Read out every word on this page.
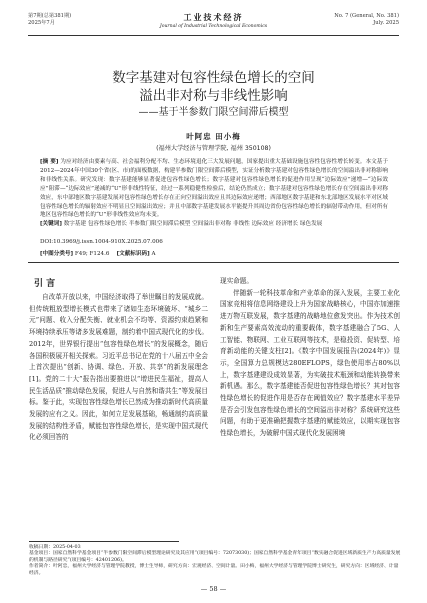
第7期(总第381期)
2025年7月
工业技术经济
Journal of Industrial Technological Economics
No. 7 (General, No. 381)
July. 2025
数字基建对包容性绿色增长的空间
溢出非对称与非线性影响
——基于半参数门限空间滞后模型
叶阿忠 田小梅
(福州大学经济与管理学院, 福州 350108)
[摘 要] 为应对经济由要素与高、社会福利分配不均、生态环境退化三大发展问题，国家提出重大基础设施包容性包容性增长转变。本文基于2012—2024年中国30个省(区、市)的面板数据，构建半参数门限空间滞后模型，实证分析数字基建对包容性绿色增长的空间溢出非对称影响和非线性关系。研究发现：数字基建能够显著促进包容性绿色增长；数字基建对包容性绿色增长的促进作用呈现“边际效应”递增—“边际效应”阻滞—“边际效应”递减的“U”形非线性特征，经过一系列稳健性检验后，结论仍然成立；数字基建对包容性绿色增长存在空间溢出非对称效应，东中部地区数字基建发展对包容性绿色增长存在正向空间溢出效应且其边际效应递增；西部地区数字基建和东北部地区发展水平对区域包容性绿色增长的辐射效应不明显且空间溢出效应；并且中部数字基建发展水平能提升其周边省份包容性绿色增长的辐射带动作用，但对所有地区包容性绿色增长的“U”形非线性效应均未变。
[关键词] 数字基建 包容性绿色增长 半参数门限空间滞后模型 空间溢出非对称 非线性 边际效应 经济增长 绿色发展
DOI:10.3969/j.issn.1004-910X.2025.07.006
[中图分类号] F49; F124.6 [文献标识码] A
引 言

自改革开放以来，中国经济取得了举世瞩目的发展成就。但传统粗放型增长模式也带来了诸如生态环境破坏、“城乡二元”问题、收入分配失衡、就业机会不均等、资源约束趋紧和环境持续承压等诸多发展难题，制约着中国式现代化的步伐。2012年，世界银行提出“包容性绿色增长”的发展概念，随后各国积极展开相关探索。习近平总书记在党的十八届五中全会上首次提出“创新、协调、绿色、开放、共享”的新发展理念[1]。党的二十大”报告指出要推进以“增进民生福祉，提高人民生活品质”推动绿色发展，促进人与自然和谐共生”等发展目标。鉴于此，实现包容性绿色增长已然成为推动新时代高质量发展的应有之义。因此，如何立足发展基础，畅通制约高质量发展的结构性矛盾，赋能包容性绿色增长，是实现中国式现代化必须回答的

现实命题。

伴随新一轮科技革命和产业革命的深入发展，主要工业化国家竞相将信息网络建设上升为国家战略核心，中国亦加速推进万物互联发展，数字基建的战略地位愈发突出。作为技术创新和生产要素高效流动的重要载体，数字基建融合了5G、人工智能、物联网、工业互联网等技术，是稳投资、促转型、培育新动能的关键支柱[2]。《数字中国发展报告(2024年)》显示，全国算力总规模达280EFLOPS，绿色使用率占80%以上，数字基建建设成效显著，为实破技术瓶颈和动能转换带来新机遇。那么，数字基建能否促进包容性绿色增长？其对包容性绿色增长的促进作用是否存在阈值效应？数字基建水平差异是否会引发包容性绿色增长的空间溢出非对称？系统研究这些问题，有助于更准确把握数字基建的赋能效应，以期实现包容性绿色增长，为破解中国式现代化发展困境

收稿日期：2025-04-03
基金项目：国家自然科学基金项目“半参数门限空间滞后模型理论研究及其应用”(项目编号：72073030)；国家自然科学基金青年项目“数实融合促进区域新质生产力高质量发展的机制与路径研究”(项目编号：42401206)。
作者简介：叶阿忠，福州大学经济与管理学院教授，博士生导师，研究方向：宏观经济、空间计量。田小梅，福州大学经济与管理学院博士研究生，研究方向：区域经济、计量经济。
— 58 —
